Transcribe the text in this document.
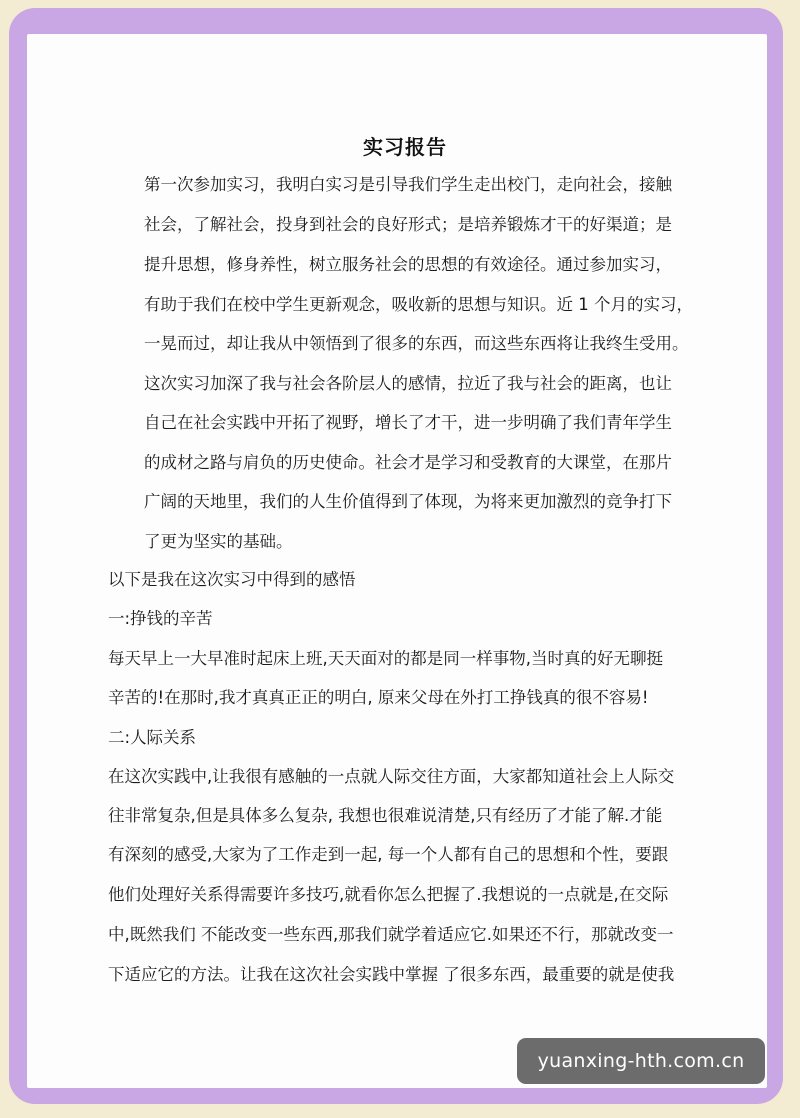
实习报告
第一次参加实习，我明白实习是引导我们学生走出校门，走向社会，接触
社会，了解社会，投身到社会的良好形式；是培养锻炼才干的好渠道；是
提升思想，修身养性，树立服务社会的思想的有效途径。通过参加实习，
有助于我们在校中学生更新观念，吸收新的思想与知识。近 1 个月的实习，
一晃而过，却让我从中领悟到了很多的东西，而这些东西将让我终生受用。
这次实习加深了我与社会各阶层人的感情，拉近了我与社会的距离，也让
自己在社会实践中开拓了视野，增长了才干，进一步明确了我们青年学生
的成材之路与肩负的历史使命。社会才是学习和受教育的大课堂，在那片
广阔的天地里，我们的人生价值得到了体现，为将来更加激烈的竞争打下
了更为坚实的基础。
以下是我在这次实习中得到的感悟
一:挣钱的辛苦
每天早上一大早准时起床上班,天天面对的都是同一样事物,当时真的好无聊挺
辛苦的!在那时,我才真真正正的明白, 原来父母在外打工挣钱真的很不容易!
二:人际关系
在这次实践中,让我很有感触的一点就人际交往方面，大家都知道社会上人际交
往非常复杂,但是具体多么复杂, 我想也很难说清楚,只有经历了才能了解.才能
有深刻的感受,大家为了工作走到一起, 每一个人都有自己的思想和个性，要跟
他们处理好关系得需要许多技巧,就看你怎么把握了.我想说的一点就是,在交际
中,既然我们 不能改变一些东西,那我们就学着适应它.如果还不行，那就改变一
下适应它的方法。让我在这次社会实践中掌握 了很多东西，最重要的就是使我
yuanxing-hth.com.cn
